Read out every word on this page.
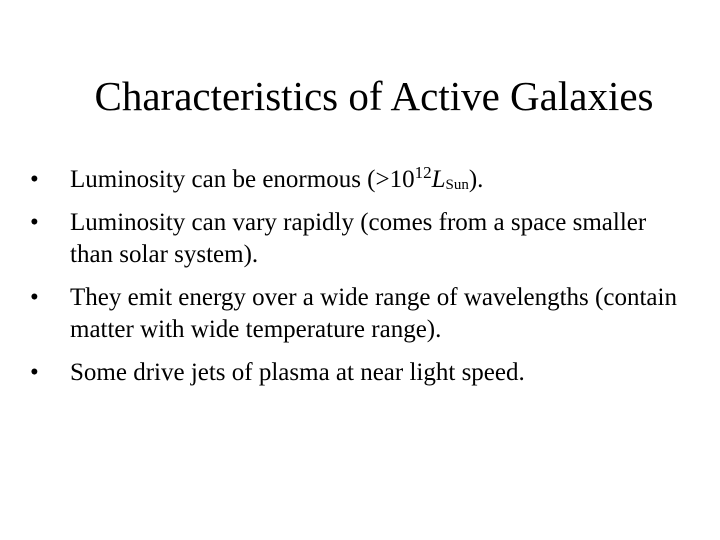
Characteristics of Active Galaxies
•	Luminosity can be enormous $(>10^{12}L_{Sun})$.
•	Luminosity can vary rapidly (comes from a space smaller than solar system).
•	They emit energy over a wide range of wavelengths (contain matter with wide temperature range).
•	Some drive jets of plasma at near light speed.
